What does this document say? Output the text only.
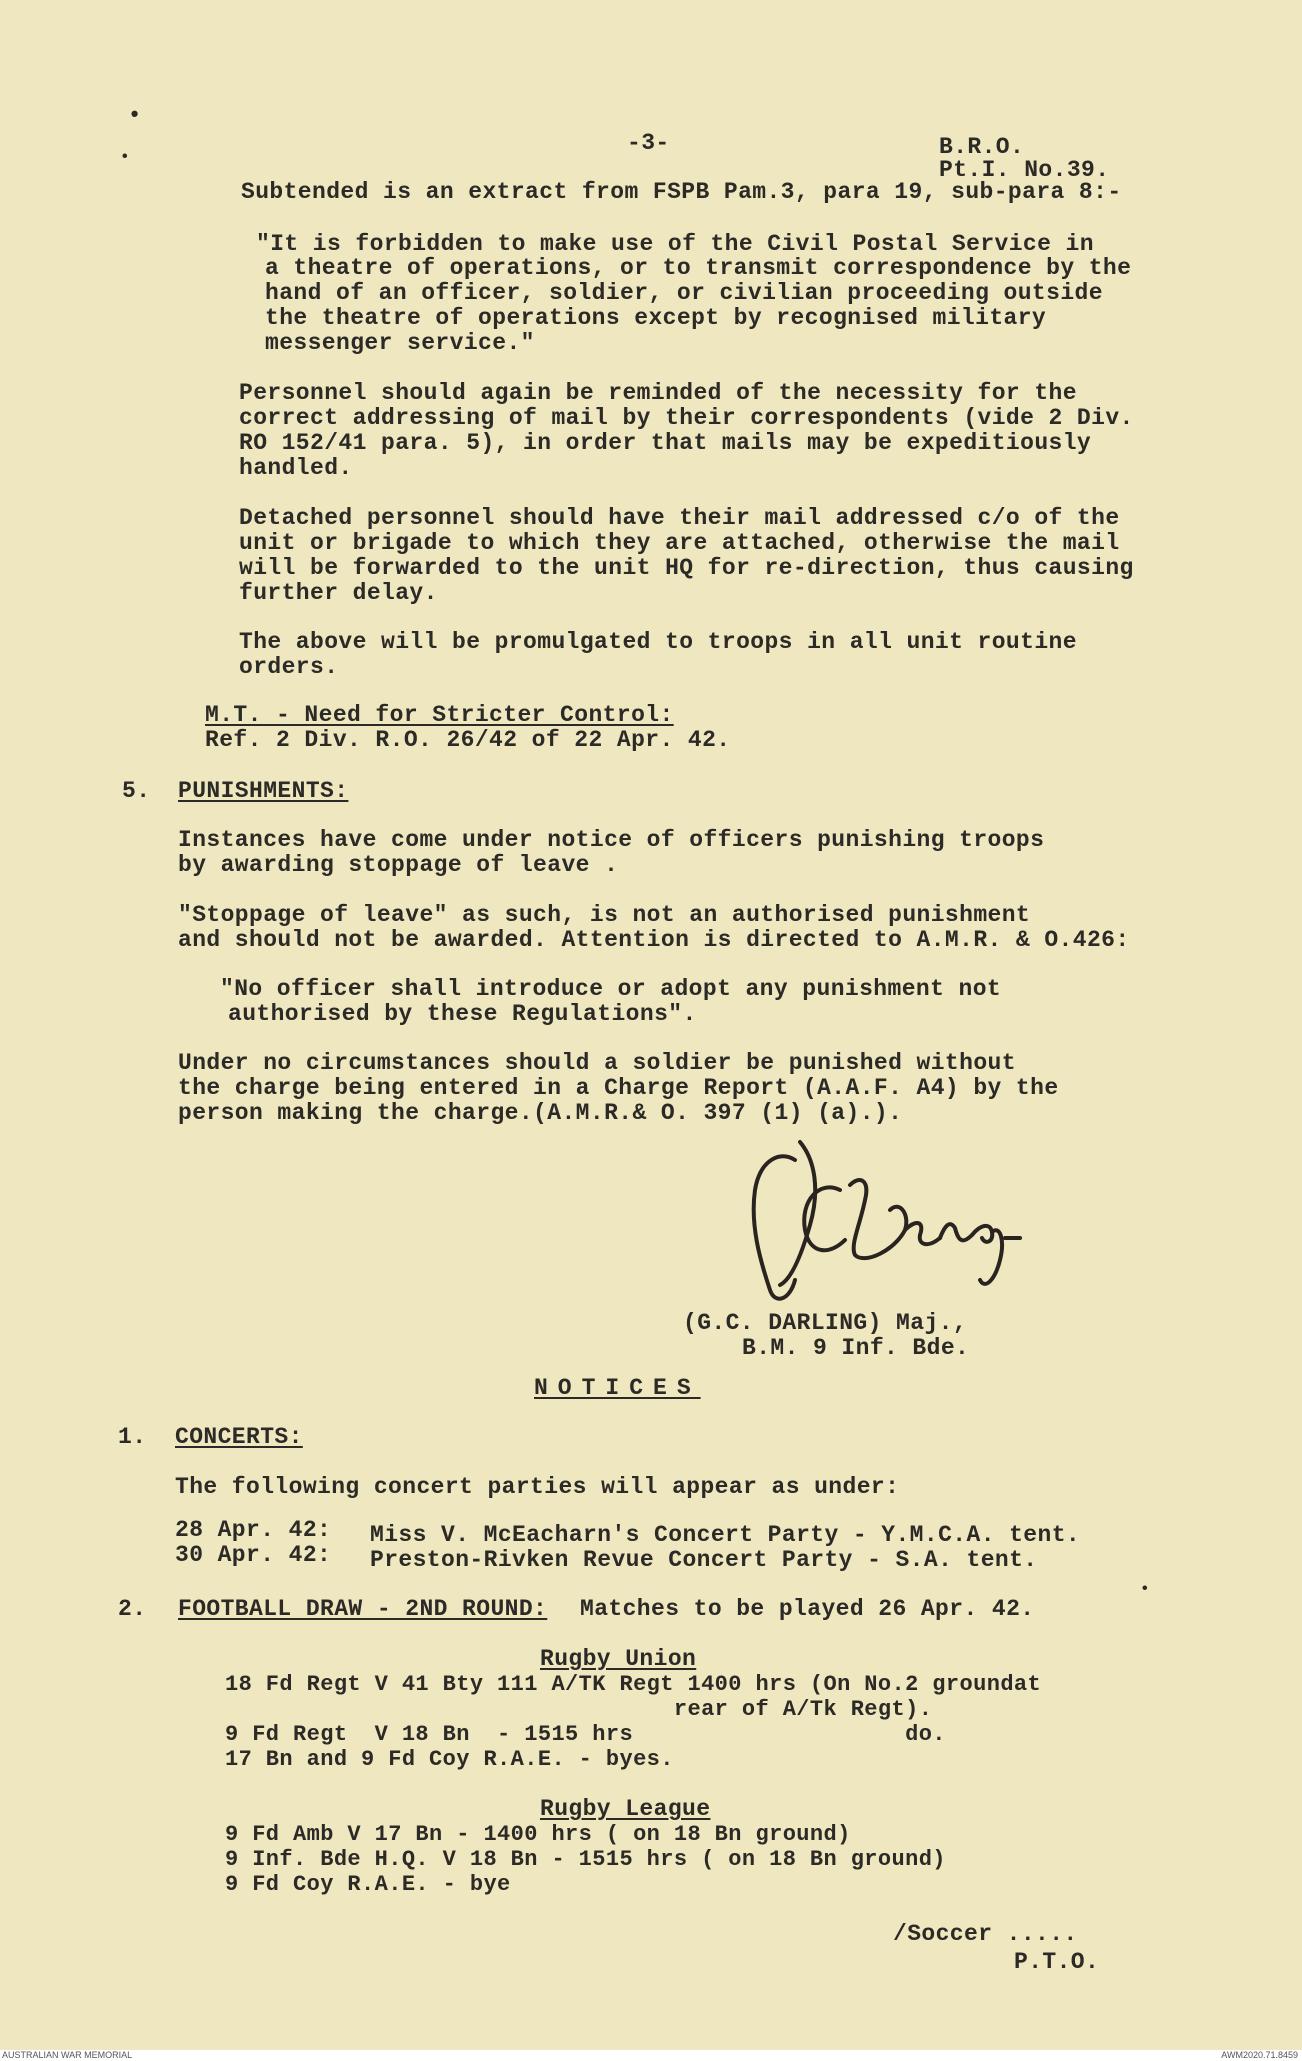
•
•
•

-3-	B.R.O.

Pt.I. No.39.

Subtended is an extract from FSPB Pam.3, para 19, sub-para 8:-

"It is forbidden to make use of the Civil Postal Service in

a theatre of operations, or to transmit correspondence by the

hand of an officer, soldier, or civilian proceeding outside

the theatre of operations except by recognised military

messenger service."

Personnel should again be reminded of the necessity for the

correct addressing of mail by their correspondents (vide 2 Div.

RO 152/41 para. 5), in order that mails may be expeditiously

handled.

Detached personnel should have their mail addressed c/o of the

unit or brigade to which they are attached, otherwise the mail

will be forwarded to the unit HQ for re-direction, thus causing

further delay.

The above will be promulgated to troops in all unit routine

orders.

M.T. - Need for Stricter Control:

Ref. 2 Div. R.O. 26/42 of 22 Apr. 42.

5. PUNISHMENTS:

Instances have come under notice of officers punishing troops

by awarding stoppage of leave .

"Stoppage of leave" as such, is not an authorised punishment

and should not be awarded. Attention is directed to A.M.R. & O.426:

"No officer shall introduce or adopt any punishment not

authorised by these Regulations".

Under no circumstances should a soldier be punished without

the charge being entered in a Charge Report (A.A.F. A4) by the

person making the charge.(A.M.R.& O. 397 (1) (a).).

(G.C. DARLING) Maj.,

B.M. 9 Inf. Bde.

NOTICES

1. CONCERTS:

The following concert parties will appear as under:

28 Apr. 42: Miss V. McEacharn's Concert Party - Y.M.C.A. tent.

30 Apr. 42: Preston-Rivken Revue Concert Party - S.A. tent.

2. FOOTBALL DRAW - 2ND ROUND: Matches to be played 26 Apr. 42.

Rugby Union

18 Fd Regt V 41 Bty 111 A/TK Regt 1400 hrs (On No.2 groundat

rear of A/Tk Regt).

9 Fd Regt  V 18 Bn  - 1515 hrs                    do.

17 Bn and 9 Fd Coy R.A.E. - byes.

Rugby League

9 Fd Amb V 17 Bn - 1400 hrs ( on 18 Bn ground)

9 Inf. Bde H.Q. V 18 Bn - 1515 hrs ( on 18 Bn ground)

9 Fd Coy R.A.E. - bye

/Soccer .....

P.T.O.

AUSTRALIAN WAR MEMORIAL	AWM2020.71.8459
